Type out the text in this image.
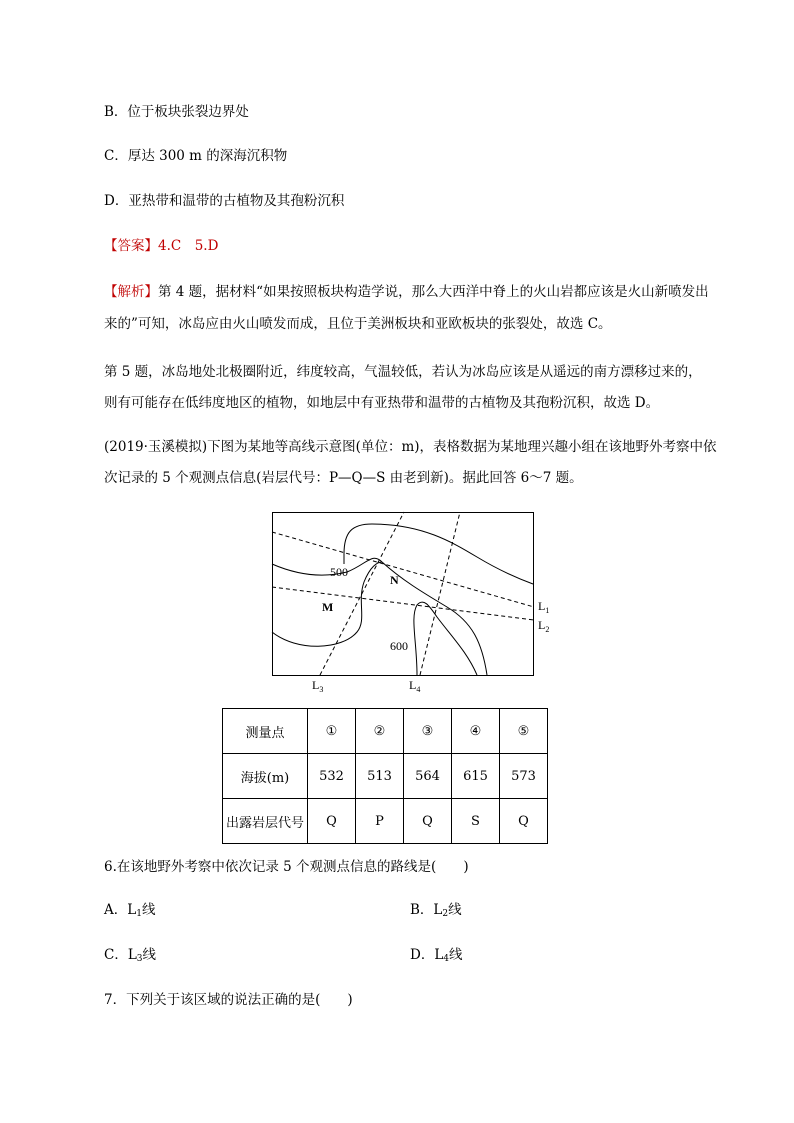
B．位于板块张裂边界处
C．厚达 300 m 的深海沉积物
D．亚热带和温带的古植物及其孢粉沉积
【答案】4.C　5.D
【解析】第 4 题，据材料“如果按照板块构造学说，那么大西洋中脊上的火山岩都应该是火山新喷发出
来的”可知，冰岛应由火山喷发而成，且位于美洲板块和亚欧板块的张裂处，故选 C。
第 5 题，冰岛地处北极圈附近，纬度较高，气温较低，若认为冰岛应该是从遥远的南方漂移过来的，
则有可能存在低纬度地区的植物，如地层中有亚热带和温带的古植物及其孢粉沉积，故选 D。
(2019·玉溪模拟)下图为某地等高线示意图(单位：m)，表格数据为某地理兴趣小组在该地野外考察中依
次记录的 5 个观测点信息(岩层代号：P—Q—S 由老到新)。据此回答 6～7 题。
500
N
M
600
$L_1$
$L_2$
$L_3$	$L_4$
测量点	①	②	③	④	⑤
海拔(m)	532	513	564	615	573
出露岩层代号	Q	P	Q	S	Q
6.在该地野外考察中依次记录 5 个观测点信息的路线是(　　)
A．$L_1$线	B．$L_2$线
C．$L_3$线	D．$L_4$线
7．下列关于该区域的说法正确的是(　　)
